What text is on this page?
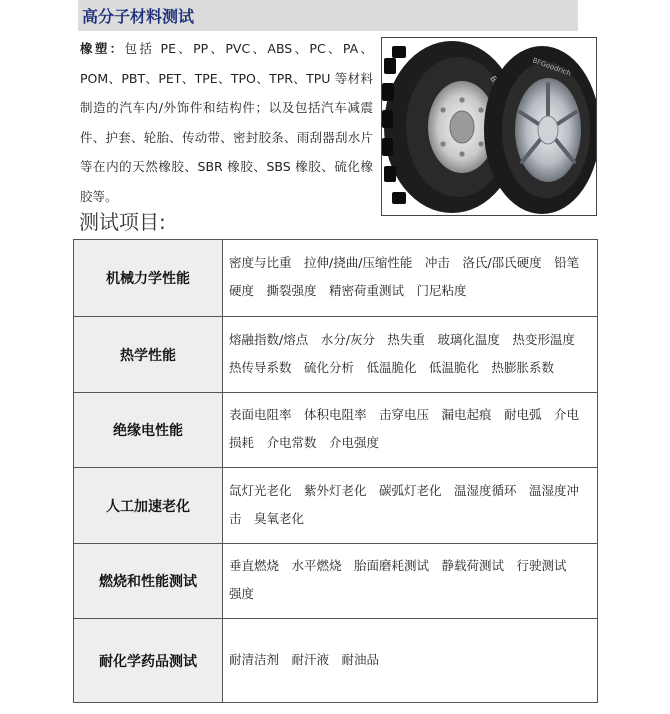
高分子材料测试
橡塑：包括 PE、PP、PVC、ABS、PC、PA、POM、PBT、PET、TPE、TPO、TPR、TPU 等材料制造的汽车内/外饰件和结构件；以及包括汽车减震件、护套、轮胎、传动带、密封胶条、雨刮器刮水片等在内的天然橡胶、SBR 橡胶、SBS 橡胶、硫化橡胶等。
BFGoodrich
测试项目:
机械力学性能	密度与比重　拉伸/挠曲/压缩性能　冲击　洛氏/邵氏硬度　铅笔硬度　撕裂强度　精密荷重测试　门尼粘度
热学性能	熔融指数/熔点　水分/灰分　热失重　玻璃化温度　热变形温度　热传导系数　硫化分析　低温脆化　低温脆化　热膨胀系数
绝缘电性能	表面电阻率　体积电阻率　击穿电压　漏电起痕　耐电弧　介电损耗　介电常数　介电强度
人工加速老化	氙灯光老化　紫外灯老化　碳弧灯老化　温湿度循环　温湿度冲击　臭氧老化
燃烧和性能测试	垂直燃烧　水平燃烧　胎面磨耗测试　静载荷测试　行驶测试　强度
耐化学药品测试	耐清洁剂　耐汗液　耐油品
